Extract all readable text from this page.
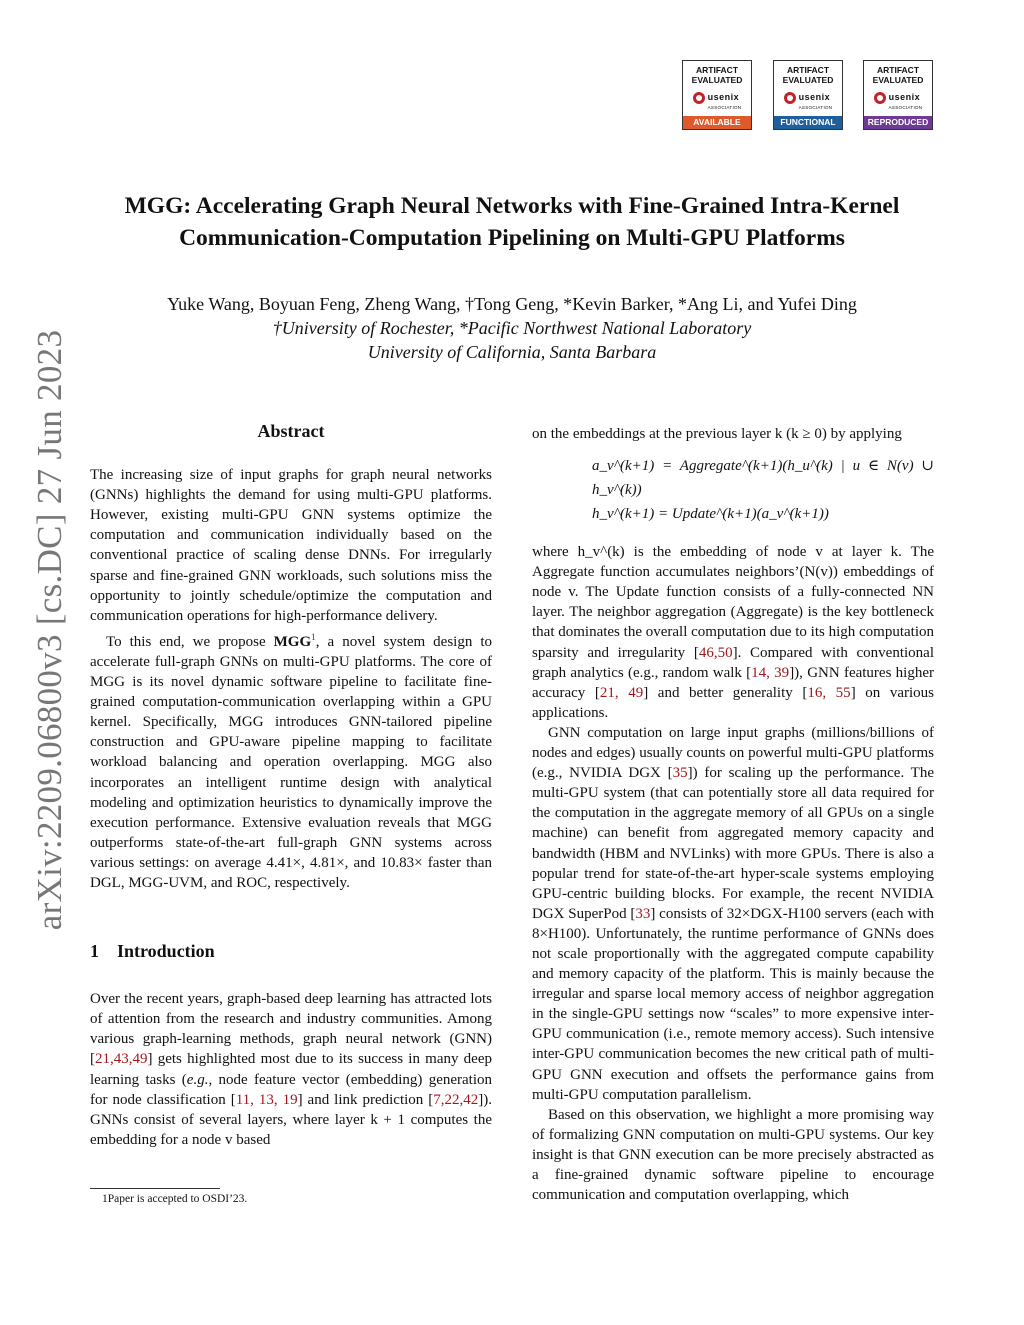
arXiv:2209.06800v3 [cs.DC] 27 Jun 2023
ARTIFACT
EVALUATED
usenix
ASSOCIATION
AVAILABLE
ARTIFACT
EVALUATED
usenix
ASSOCIATION
FUNCTIONAL
ARTIFACT
EVALUATED
usenix
ASSOCIATION
REPRODUCED
MGG: Accelerating Graph Neural Networks with Fine-Grained Intra-Kernel
Communication-Computation Pipelining on Multi-GPU Platforms
Yuke Wang, Boyuan Feng, Zheng Wang, †Tong Geng, *Kevin Barker, *Ang Li, and Yufei Ding
†University of Rochester, *Pacific Northwest National Laboratory
University of California, Santa Barbara
Abstract

The increasing size of input graphs for graph neural networks (GNNs) highlights the demand for using multi-GPU platforms. However, existing multi-GPU GNN systems optimize the computation and communication individually based on the conventional practice of scaling dense DNNs. For irregularly sparse and fine-grained GNN workloads, such solutions miss the opportunity to jointly schedule/optimize the computation and communication operations for high-performance delivery.

To this end, we propose MGG$^1$, a novel system design to accelerate full-graph GNNs on multi-GPU platforms. The core of MGG is its novel dynamic software pipeline to facilitate fine-grained computation-communication overlapping within a GPU kernel. Specifically, MGG introduces GNN-tailored pipeline construction and GPU-aware pipeline mapping to facilitate workload balancing and operation overlapping. MGG also incorporates an intelligent runtime design with analytical modeling and optimization heuristics to dynamically improve the execution performance. Extensive evaluation reveals that MGG outperforms state-of-the-art full-graph GNN systems across various settings: on average 4.41×, 4.81×, and 10.83× faster than DGL, MGG-UVM, and ROC, respectively.

1    Introduction

Over the recent years, graph-based deep learning has attracted lots of attention from the research and industry communities. Among various graph-learning methods, graph neural network (GNN) [21,43,49] gets highlighted most due to its success in many deep learning tasks (e.g., node feature vector (embedding) generation for node classification [11, 13, 19] and link prediction [7,22,42]). GNNs consist of several layers, where layer k + 1 computes the embedding for a node v based

1Paper is accepted to OSDI’23.

on the embeddings at the previous layer k (k ≥ 0) by applying

a_v^(k+1) = Aggregate^(k+1)(h_u^(k) | u ∈ N(v) ∪ h_v^(k))
h_v^(k+1) = Update^(k+1)(a_v^(k+1))

where h_v^(k) is the embedding of node v at layer k. The Aggregate function accumulates neighbors’(N(v)) embeddings of node v. The Update function consists of a fully-connected NN layer. The neighbor aggregation (Aggregate) is the key bottleneck that dominates the overall computation due to its high computation sparsity and irregularity [46,50]. Compared with conventional graph analytics (e.g., random walk [14, 39]), GNN features higher accuracy [21, 49] and better generality [16, 55] on various applications.

GNN computation on large input graphs (millions/billions of nodes and edges) usually counts on powerful multi-GPU platforms (e.g., NVIDIA DGX [35]) for scaling up the performance. The multi-GPU system (that can potentially store all data required for the computation in the aggregate memory of all GPUs on a single machine) can benefit from aggregated memory capacity and bandwidth (HBM and NVLinks) with more GPUs. There is also a popular trend for state-of-the-art hyper-scale systems employing GPU-centric building blocks. For example, the recent NVIDIA DGX SuperPod [33] consists of 32×DGX-H100 servers (each with 8×H100). Unfortunately, the runtime performance of GNNs does not scale proportionally with the aggregated compute capability and memory capacity of the platform. This is mainly because the irregular and sparse local memory access of neighbor aggregation in the single-GPU settings now “scales” to more expensive inter-GPU communication (i.e., remote memory access). Such intensive inter-GPU communication becomes the new critical path of multi-GPU GNN execution and offsets the performance gains from multi-GPU computation parallelism.

Based on this observation, we highlight a more promising way of formalizing GNN computation on multi-GPU systems. Our key insight is that GNN execution can be more precisely abstracted as a fine-grained dynamic software pipeline to encourage communication and computation overlapping, which
